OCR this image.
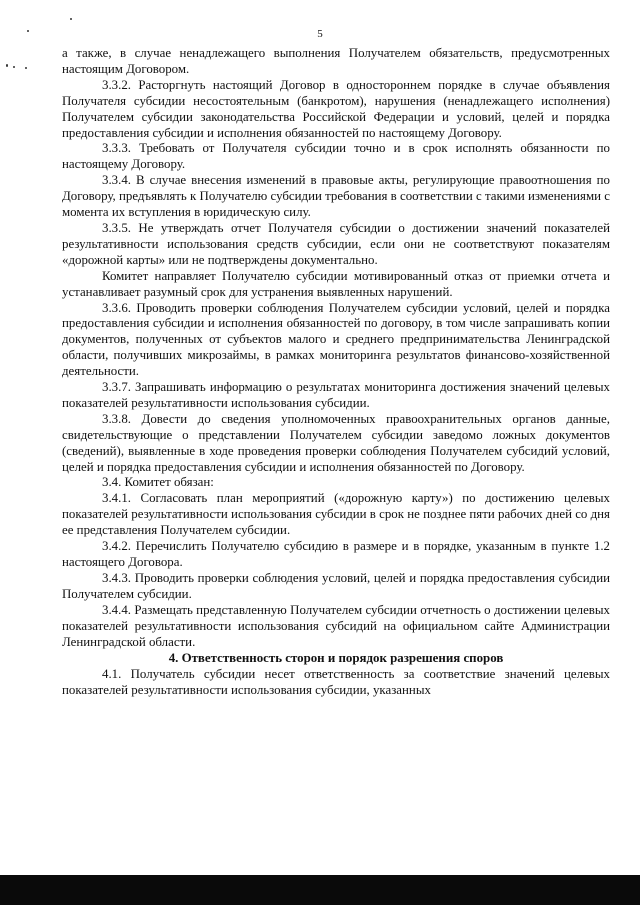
5

а также, в случае ненадлежащего выполнения Получателем обязательств, предусмотренных настоящим Договором.

3.3.2. Расторгнуть настоящий Договор в одностороннем порядке в случае объявления Получателя субсидии несостоятельным (банкротом), нарушения (ненадлежащего исполнения) Получателем субсидии законодательства Российской Федерации и условий, целей и порядка предоставления субсидии и исполнения обязанностей по настоящему Договору.

3.3.3. Требовать от Получателя субсидии точно и в срок исполнять обязанности по настоящему Договору.

3.3.4. В случае внесения изменений в правовые акты, регулирующие правоотношения по Договору, предъявлять к Получателю субсидии требования в соответствии с такими изменениями с момента их вступления в юридическую силу.

3.3.5. Не утверждать отчет Получателя субсидии о достижении значений показателей результативности использования средств субсидии, если они не соответствуют показателям «дорожной карты» или не подтверждены документально.

Комитет направляет Получателю субсидии мотивированный отказ от приемки отчета и устанавливает разумный срок для устранения выявленных нарушений.

3.3.6. Проводить проверки соблюдения Получателем субсидии условий, целей и порядка предоставления субсидии и исполнения обязанностей по договору, в том числе запрашивать копии документов, полученных от субъектов малого и среднего предпринимательства Ленинградской области, получивших микрозаймы, в рамках мониторинга результатов финансово-хозяйственной деятельности.

3.3.7. Запрашивать информацию о результатах мониторинга достижения значений целевых показателей результативности использования субсидии.

3.3.8. Довести до сведения уполномоченных правоохранительных органов данные, свидетельствующие о представлении Получателем субсидии заведомо ложных документов (сведений), выявленные в ходе проведения проверки соблюдения Получателем субсидий условий, целей и порядка предоставления субсидии и исполнения обязанностей по Договору.

3.4. Комитет обязан:

3.4.1. Согласовать план мероприятий («дорожную карту») по достижению целевых показателей результативности использования субсидии в срок не позднее пяти рабочих дней со дня ее представления Получателем субсидии.

3.4.2. Перечислить Получателю субсидию в размере и в порядке, указанным в пункте 1.2 настоящего Договора.

3.4.3. Проводить проверки соблюдения условий, целей и порядка предоставления субсидии Получателем субсидии.

3.4.4. Размещать представленную Получателем субсидии отчетность о достижении целевых показателей результативности использования субсидий на официальном сайте Администрации Ленинградской области.

4. Ответственность сторон и порядок разрешения споров

4.1. Получатель субсидии несет ответственность за соответствие значений целевых показателей результативности использования субсидии, указанных
